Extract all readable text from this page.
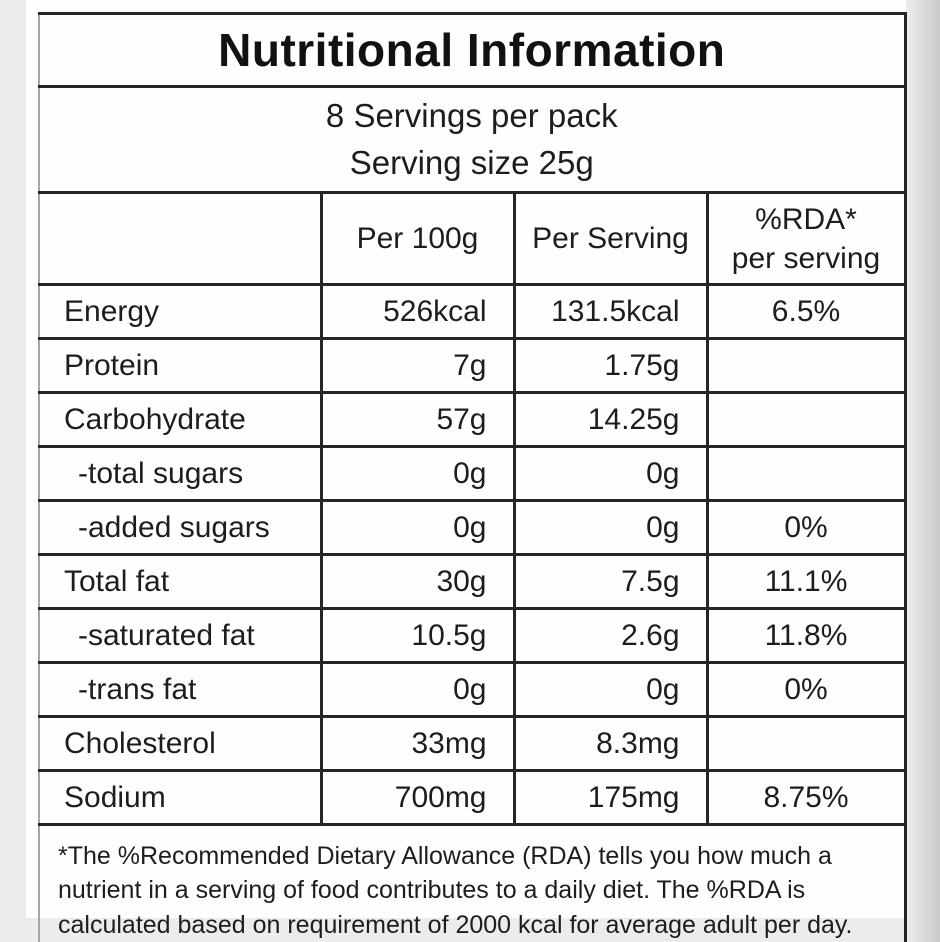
Nutritional Information			

8 Servings per pack
Serving size 25g			

	Per 100g	Per Serving	%RDA*
per serving

Energy	526kcal	131.5kcal	6.5%
Protein	7g	1.75g	
Carbohydrate	57g	14.25g	
-total sugars	0g	0g	
-added sugars	0g	0g	0%
Total fat	30g	7.5g	11.1%
-saturated fat	10.5g	2.6g	11.8%
-trans fat	0g	0g	0%
Cholesterol	33mg	8.3mg	
Sodium	700mg	175mg	8.75%
*The %Recommended Dietary Allowance (RDA) tells you how much a nutrient in a serving of food contributes to a daily diet. The %RDA is calculated based on requirement of 2000 kcal for average adult per day.			
